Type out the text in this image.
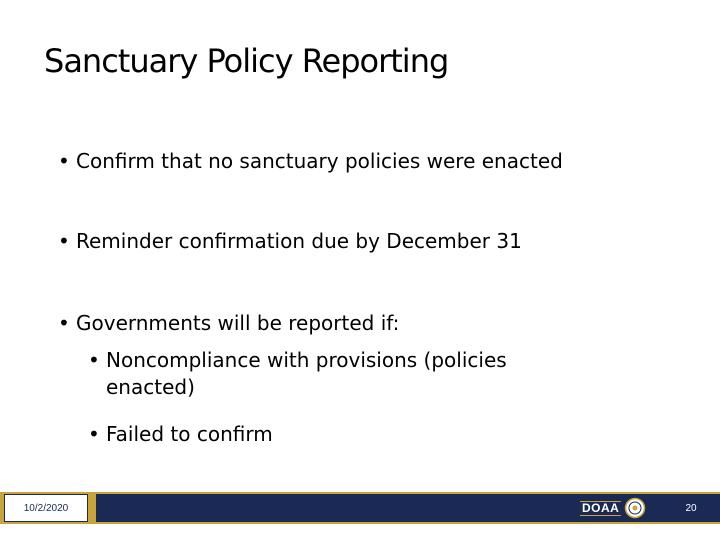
Sanctuary Policy Reporting
• Confirm that no sanctuary policies were enacted
• Reminder confirmation due by December 31
• Governments will be reported if:
• Noncompliance with provisions (policies
enacted)
• Failed to confirm
10/2/2020	DOAA	20
